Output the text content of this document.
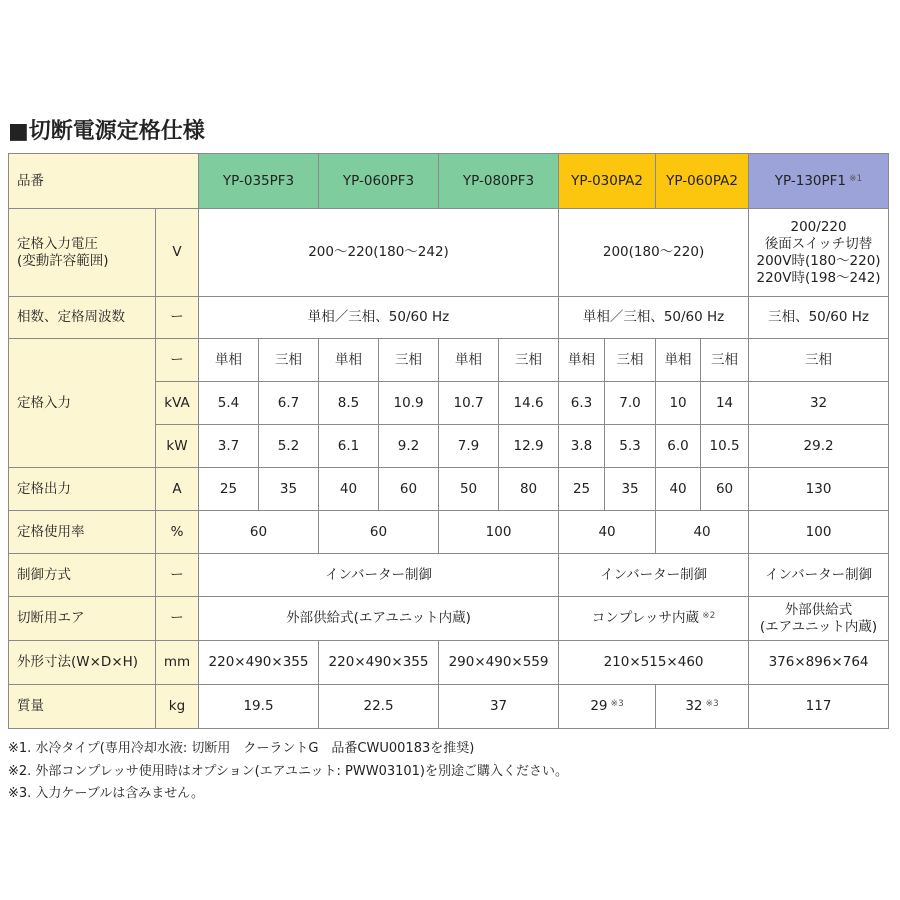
■切断電源定格仕様
品番		YP-035PF3		YP-060PF3		YP-080PF3		YP-030PA2		YP-060PA2		YP-130PF1 $^{※1}$
定格入力電圧
(変動許容範囲)	V	200〜220(180〜242)						200(180〜220)				200/220
後面スイッチ切替
200V時(180〜220)
220V時(198〜242)
相数、定格周波数	ー	単相／三相、50/60 Hz						単相／三相、50/60 Hz				三相、50/60 Hz
定格入力	ー	単相	三相	単相	三相	単相	三相	単相	三相	単相	三相	三相
	kVA	5.4	6.7	8.5	10.9	10.7	14.6	6.3	7.0	10	14	32
	kW	3.7	5.2	6.1	9.2	7.9	12.9	3.8	5.3	6.0	10.5	29.2
定格出力	A	25	35	40	60	50	80	25	35	40	60	130
定格使用率	%	60		60		100		40		40		100
制御方式	ー	インバーター制御						インバーター制御				インバーター制御
切断用エア	ー	外部供給式(エアユニット内蔵)						コンプレッサ内蔵 $^{※2}$				外部供給式
(エアユニット内蔵)
外形寸法(W×D×H)	mm	220×490×355		220×490×355		290×490×559		210×515×460				376×896×764
質量	kg	19.5		22.5		37		29 $^{※3}$		32 $^{※3}$		117
※1. 水冷タイプ(専用冷却水液: 切断用　クーラントG　品番CWU00183を推奨)
※2. 外部コンプレッサ使用時はオプション(エアユニット: PWW03101)を別途ご購入ください。
※3. 入力ケーブルは含みません。
